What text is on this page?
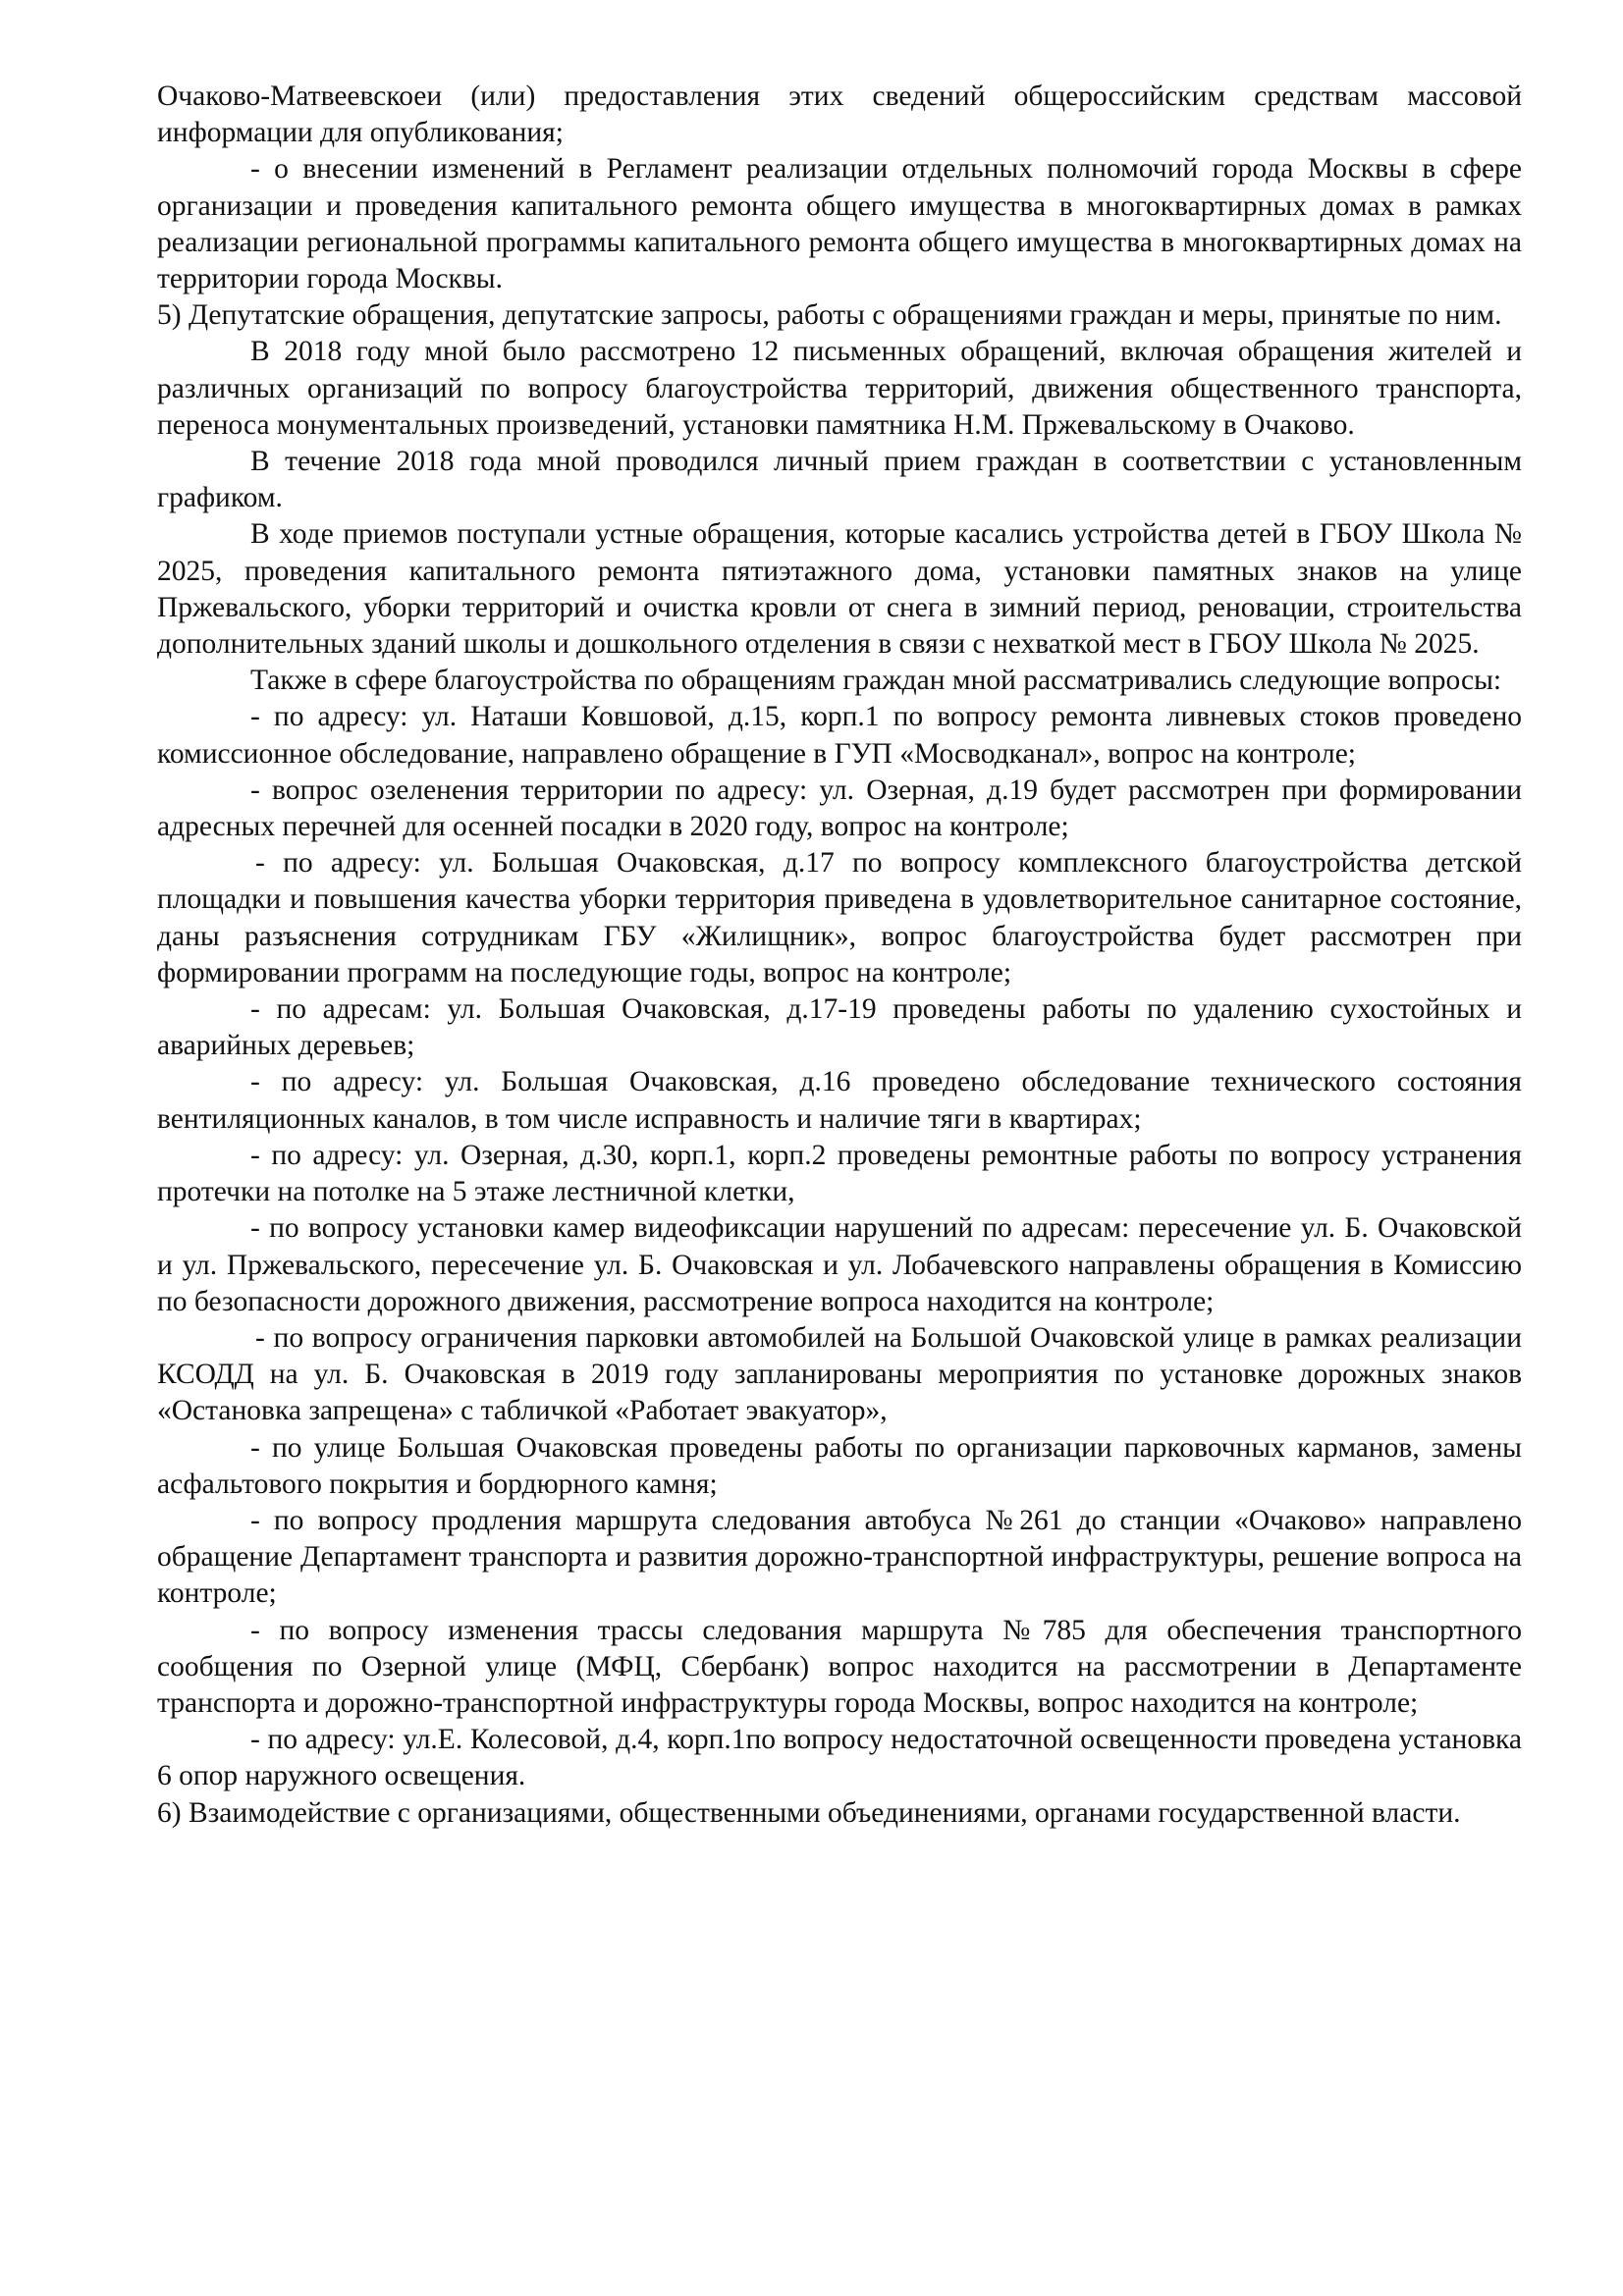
Очаково-Матвеевскоеи (или) предоставления этих сведений общероссийским средствам массовой информации для опубликования;

- о внесении изменений в Регламент реализации отдельных полномочий города Москвы в сфере организации и проведения капитального ремонта общего имущества в многоквартирных домах в рамках реализации региональной программы капитального ремонта общего имущества в многоквартирных домах на территории города Москвы.

5) Депутатские обращения, депутатские запросы, работы с обращениями граждан и меры, принятые по ним.

В 2018 году мной было рассмотрено 12 письменных обращений, включая обращения жителей и различных организаций по вопросу благоустройства территорий, движения общественного транспорта, переноса монументальных произведений, установки памятника Н.М. Пржевальскому в Очаково.

В течение 2018 года мной проводился личный прием граждан в соответствии с установленным графиком.

В ходе приемов поступали устные обращения, которые касались устройства детей в ГБОУ Школа № 2025, проведения капитального ремонта пятиэтажного дома, установки памятных знаков на улице Пржевальского, уборки территорий и очистка кровли от снега в зимний период, реновации, строительства дополнительных зданий школы и дошкольного отделения в связи с нехваткой мест в ГБОУ Школа № 2025.

Также в сфере благоустройства по обращениям граждан мной рассматривались следующие вопросы:

- по адресу: ул. Наташи Ковшовой, д.15, корп.1 по вопросу ремонта ливневых стоков проведено комиссионное обследование, направлено обращение в ГУП «Мосводканал», вопрос на контроле;

- вопрос озеленения территории по адресу: ул. Озерная, д.19 будет рассмотрен при формировании адресных перечней для осенней посадки в 2020 году, вопрос на контроле;

- по адресу: ул. Большая Очаковская, д.17 по вопросу комплексного благоустройства детской площадки и повышения качества уборки территория приведена в удовлетворительное санитарное состояние, даны разъяснения сотрудникам ГБУ «Жилищник», вопрос благоустройства будет рассмотрен при формировании программ на последующие годы, вопрос на контроле;

- по адресам: ул. Большая Очаковская, д.17-19 проведены работы по удалению сухостойных и аварийных деревьев;

- по адресу: ул. Большая Очаковская, д.16 проведено обследование технического состояния вентиляционных каналов, в том числе исправность и наличие тяги в квартирах;

- по адресу: ул. Озерная, д.30, корп.1, корп.2 проведены ремонтные работы по вопросу устранения протечки на потолке на 5 этаже лестничной клетки,

- по вопросу установки камер видеофиксации нарушений по адресам: пересечение ул. Б. Очаковской и ул. Пржевальского, пересечение ул. Б. Очаковская и ул. Лобачевского направлены обращения в Комиссию по безопасности дорожного движения, рассмотрение вопроса находится на контроле;

- по вопросу ограничения парковки автомобилей на Большой Очаковской улице в рамках реализации КСОДД на ул. Б. Очаковская в 2019 году запланированы мероприятия по установке дорожных знаков «Остановка запрещена» с табличкой «Работает эвакуатор»,

- по улице Большая Очаковская проведены работы по организации парковочных карманов, замены асфальтового покрытия и бордюрного камня;

- по вопросу продления маршрута следования автобуса №261 до станции «Очаково» направлено обращение Департамент транспорта и развития дорожно-транспортной инфраструктуры, решение вопроса на контроле;

- по вопросу изменения трассы следования маршрута №785 для обеспечения транспортного сообщения по Озерной улице (МФЦ, Сбербанк) вопрос находится на рассмотрении в Департаменте транспорта и дорожно-транспортной инфраструктуры города Москвы, вопрос находится на контроле;

- по адресу: ул.Е. Колесовой, д.4, корп.1по вопросу недостаточной освещенности проведена установка 6 опор наружного освещения.

6) Взаимодействие с организациями, общественными объединениями, органами государственной власти.
